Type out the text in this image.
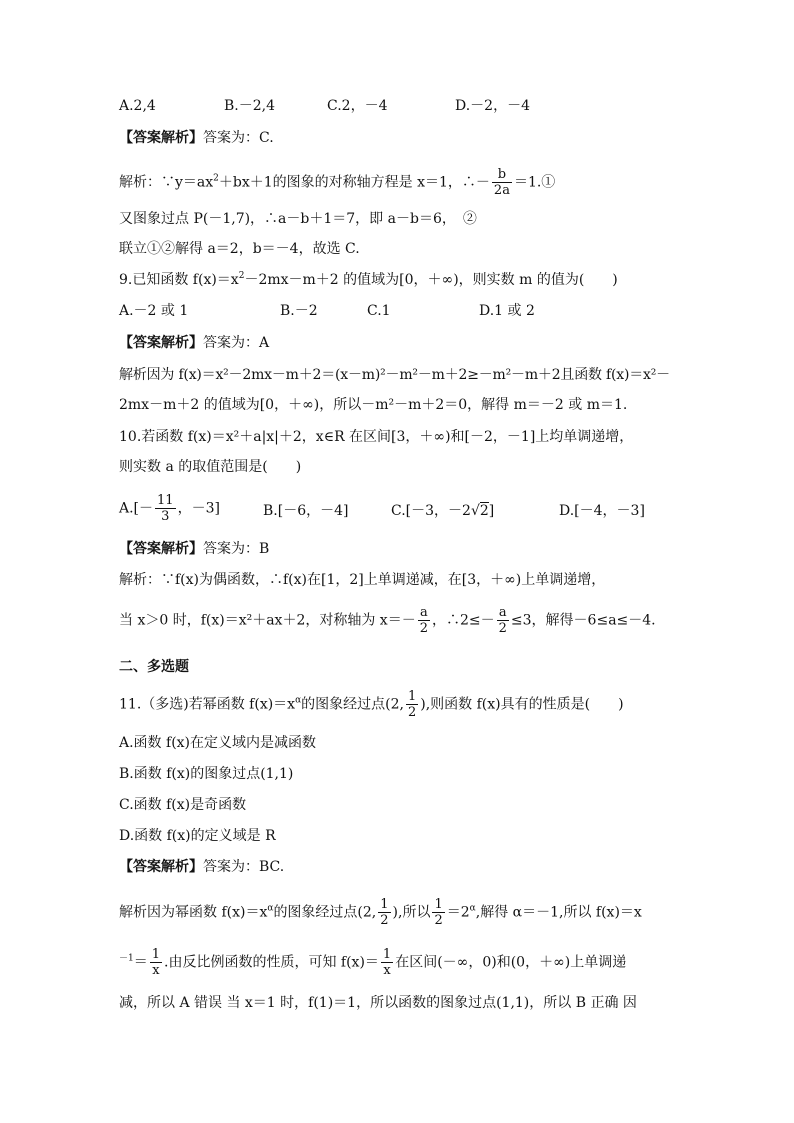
A.2,4	B.－2,4	C.2，－4	D.－2，－4
【答案解析】答案为：C.
解析：$\because y=ax^2+bx+1$的图象的对称轴方程是 x＝1，∴－ $\frac{b}{2a}$ ＝1.①
又图象过点 P(－1,7)，∴a－b＋1＝7，即 a－b＝6，　②
联立①②解得 a＝2，b＝－4，故选 C.
9.已知函数 $f(x)=x^2-2mx-m+2$ 的值域为[0，＋∞)，则实数 m 的值为(　　)
A.－2 或 1	B.－2	C.1	D.1 或 2
【答案解析】答案为：A
解析因为 f(x)＝x²－2mx－m＋2＝(x－m)²－m²－m＋2≥－m²－m＋2且函数 f(x)＝x²－
2mx－m＋2 的值域为[0，＋∞)，所以－m²－m＋2＝0，解得 m＝－2 或 m＝1.
10.若函数 f(x)＝x²＋a|x|＋2，x∈R 在区间[3，＋∞)和[－2，－1]上均单调递增，
则实数 a 的取值范围是(　　)
$A.[- \frac{11}{3}$ ，－3]	B.[－6，－4]	C.[－3，－2√2]	D.[－4，－3]
【答案解析】答案为：B
解析：∵f(x)为偶函数，∴f(x)在[1，2]上单调递减，在[3，＋∞)上单调递增，
当 x＞0 时，f(x)＝x²＋ax＋2，对称轴为 $x=- \frac{a}{2}$ ，∴2≤－ $\frac{a}{2} \le 3$，解得－6≤a≤－4.
二、多选题
11.（多选)若幂函数 $f(x)=x^\alpha$的图象经过点(2, $\frac{1}{2}$ ),则函数 f(x)具有的性质是(　　)
A.函数 f(x)在定义域内是减函数
B.函数 f(x)的图象过点(1,1)
C.函数 f(x)是奇函数
D.函数 f(x)的定义域是 R
【答案解析】答案为：BC.
解析因为幂函数 $f(x)=x^\alpha$的图象经过点(2, $\frac{1}{2}$ ),所以 $\frac{1}{2} =2^\alpha$,解得 α＝－1,所以 f(x)＝x
$^{-1}= \frac{1}{x}$ .由反比例函数的性质，可知 $f(x)= \frac{1}{x}$ 在区间(－∞，0)和(0，＋∞)上单调递
减，所以 A 错误 当 x＝1 时，f(1)＝1，所以函数的图象过点(1,1)，所以 B 正确 因
